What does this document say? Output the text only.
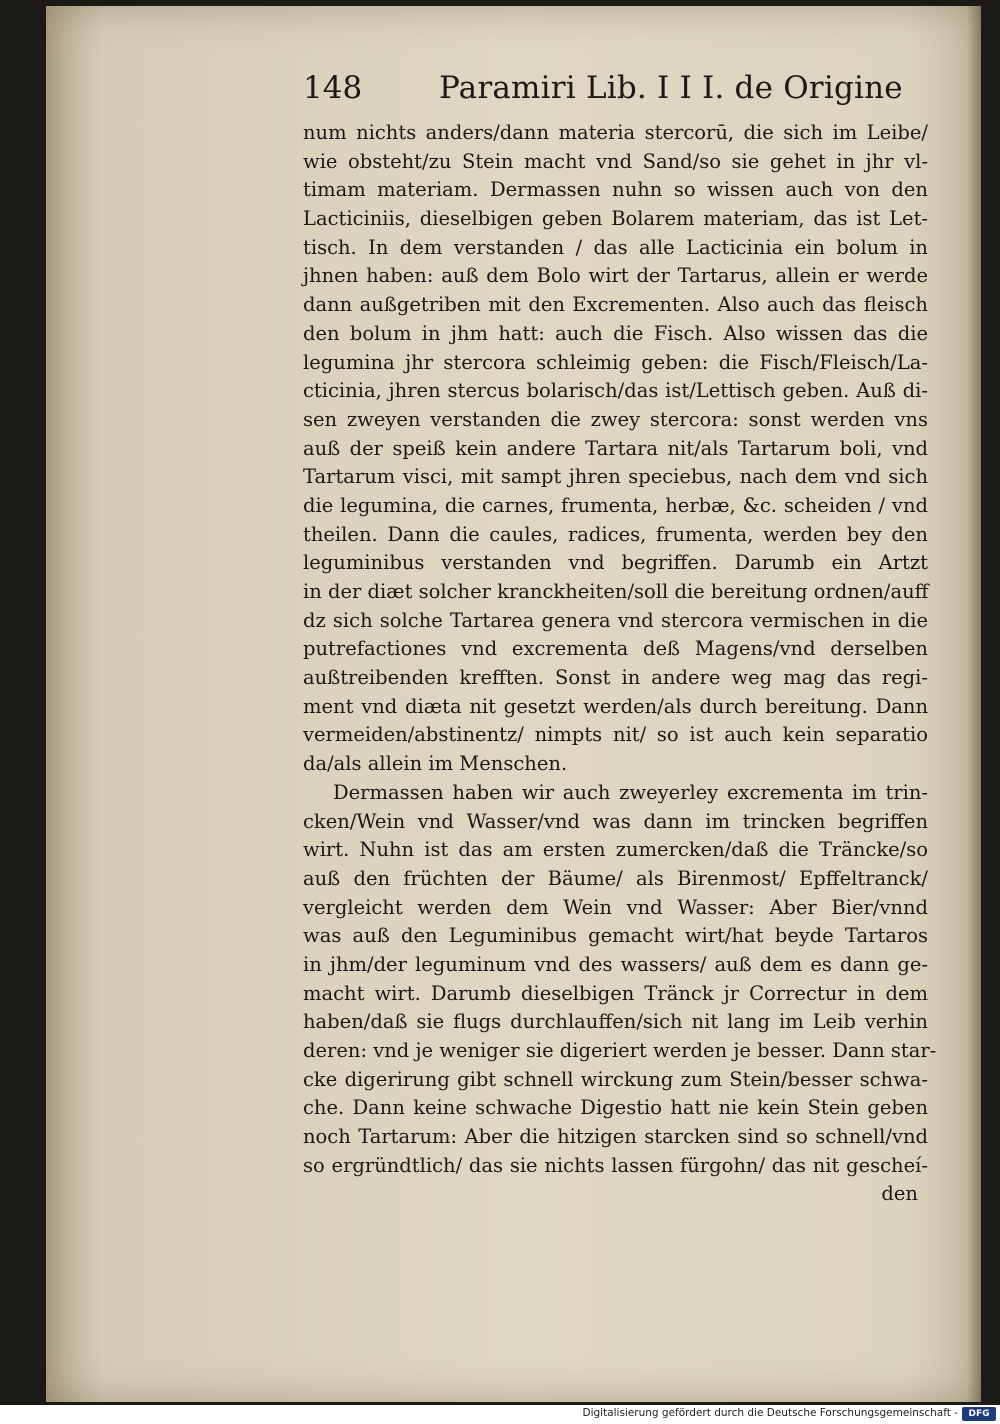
148 Paramiri Lib. I I I. de Origine
num nichts anders/dann materia stercorū, die sich im Leibe/
wie obsteht/zu Stein macht vnd Sand/so sie gehet in jhr vl-
timam materiam. Dermassen nuhn so wissen auch von den
Lacticiniis, dieselbigen geben Bolarem materiam, das ist Let-
tisch. In dem verstanden / das alle Lacticinia ein bolum in
jhnen haben: auß dem Bolo wirt der Tartarus, allein er werde
dann außgetriben mit den Excrementen. Also auch das fleisch
den bolum in jhm hatt: auch die Fisch. Also wissen das die
legumina jhr stercora schleimig geben: die Fisch/Fleisch/La-
cticinia, jhren stercus bolarisch/das ist/Lettisch geben. Auß di-
sen zweyen verstanden die zwey stercora: sonst werden vns
auß der speiß kein andere Tartara nit/als Tartarum boli, vnd
Tartarum visci, mit sampt jhren speciebus, nach dem vnd sich
die legumina, die carnes, frumenta, herbæ, &c. scheiden / vnd
theilen. Dann die caules, radices, frumenta, werden bey den
leguminibus verstanden vnd begriffen. Darumb ein Artzt
in der diæt solcher kranckheiten/soll die bereitung ordnen/auff
dz sich solche Tartarea genera vnd stercora vermischen in die
putrefactiones vnd excrementa deß Magens/vnd derselben
außtreibenden krefften. Sonst in andere weg mag das regi-
ment vnd diæta nit gesetzt werden/als durch bereitung. Dann
vermeiden/abstinentz/ nimpts nit/ so ist auch kein separatio
da/als allein im Menschen.
Dermassen haben wir auch zweyerley excrementa im trin-
cken/Wein vnd Wasser/vnd was dann im trincken begriffen
wirt. Nuhn ist das am ersten zumercken/daß die Träncke/so
auß den früchten der Bäume/ als Birenmost/ Epffeltranck/
vergleicht werden dem Wein vnd Wasser: Aber Bier/vnnd
was auß den Leguminibus gemacht wirt/hat beyde Tartaros
in jhm/der leguminum vnd des wassers/ auß dem es dann ge-
macht wirt. Darumb dieselbigen Tränck jr Correctur in dem
haben/daß sie flugs durchlauffen/sich nit lang im Leib verhin
deren: vnd je weniger sie digeriert werden je besser. Dann star-
cke digerirung gibt schnell wirckung zum Stein/besser schwa-
che. Dann keine schwache Digestio hatt nie kein Stein geben
noch Tartarum: Aber die hitzigen starcken sind so schnell/vnd
so ergründtlich/ das sie nichts lassen fürgohn/ das nit gescheí-
den
Digitalisierung gefördert durch die Deutsche Forschungsgemeinschaft -	DFG
